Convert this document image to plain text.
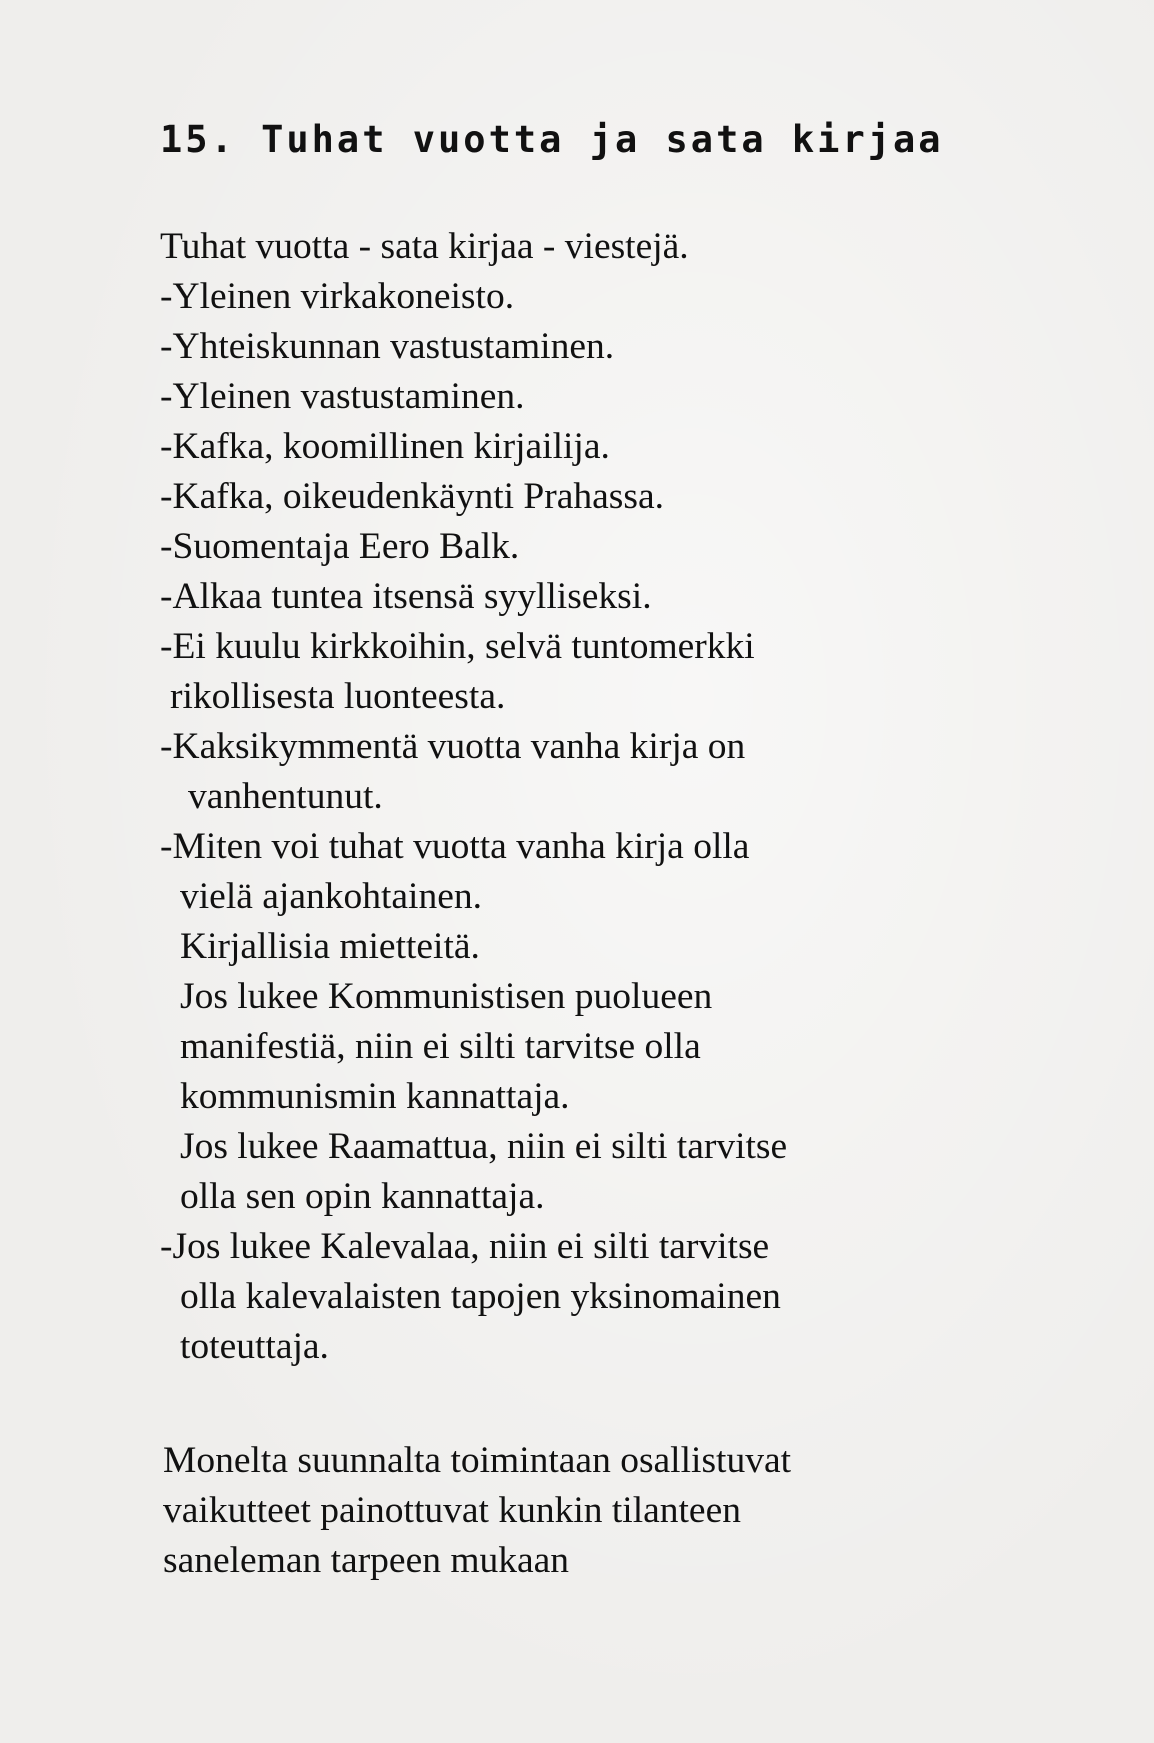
15. Tuhat vuotta ja sata kirjaa
Tuhat vuotta - sata kirjaa - viestejä.
-Yleinen virkakoneisto.
-Yhteiskunnan vastustaminen.
-Yleinen vastustaminen.
-Kafka, koomillinen kirjailija.
-Kafka, oikeudenkäynti Prahassa.
-Suomentaja Eero Balk.
-Alkaa tuntea itsensä syylliseksi.
-Ei kuulu kirkkoihin, selvä tuntomerkki
rikollisesta luonteesta.
-Kaksikymmentä vuotta vanha kirja on
vanhentunut.
-Miten voi tuhat vuotta vanha kirja olla
vielä ajankohtainen.
Kirjallisia mietteitä.
Jos lukee Kommunistisen puolueen
manifestiä, niin ei silti tarvitse olla
kommunismin kannattaja.
Jos lukee Raamattua, niin ei silti tarvitse
olla sen opin kannattaja.
-Jos lukee Kalevalaa, niin ei silti tarvitse
olla kalevalaisten tapojen yksinomainen
toteuttaja.
Monelta suunnalta toimintaan osallistuvat
vaikutteet painottuvat kunkin tilanteen
saneleman tarpeen mukaan
